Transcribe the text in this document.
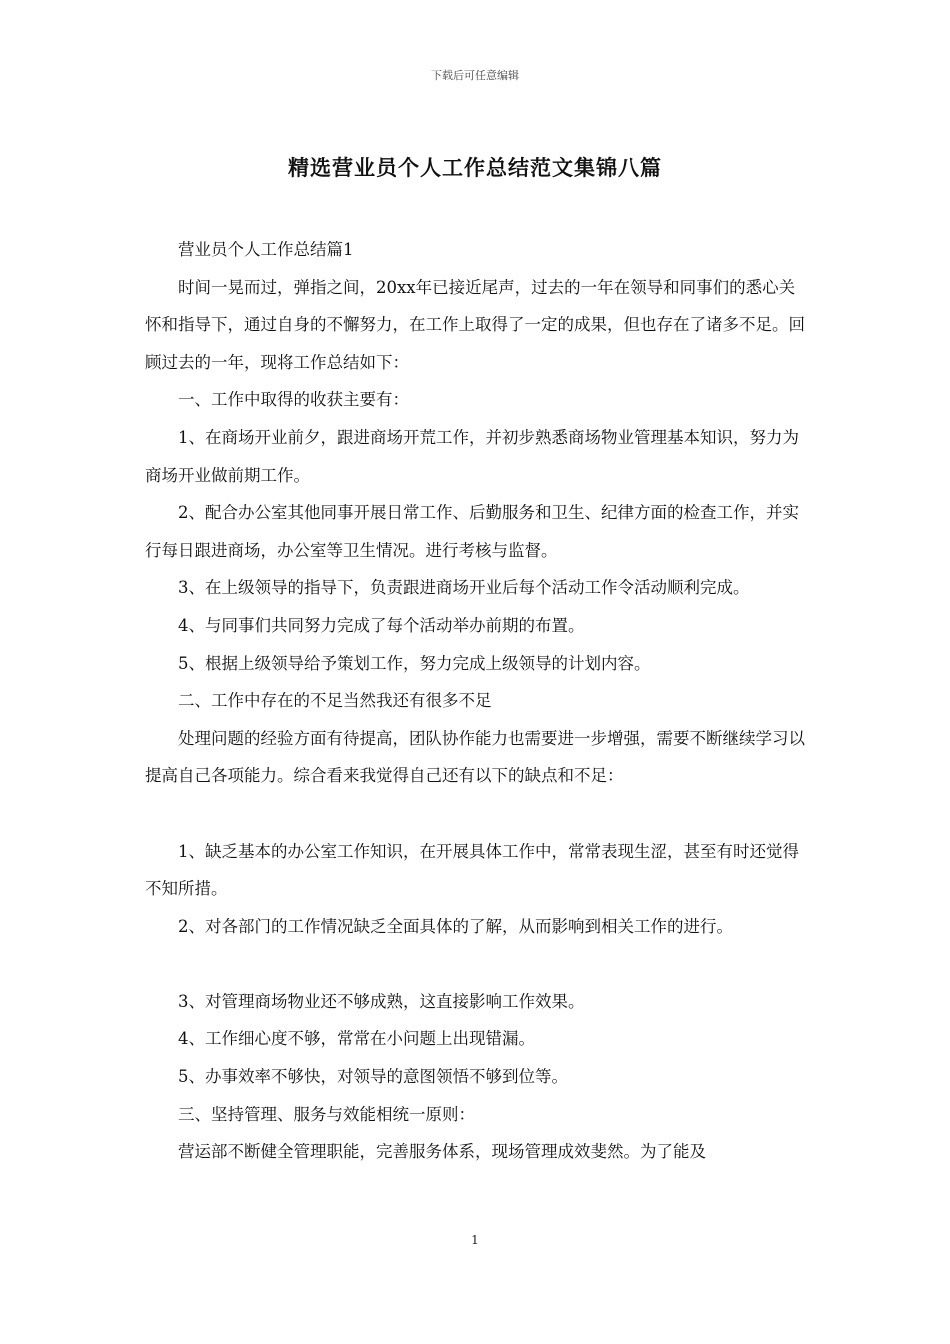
下载后可任意编辑
精选营业员个人工作总结范文集锦八篇

营业员个人工作总结篇1

时间一晃而过，弹指之间，20xx年已接近尾声，过去的一年在领导和同事们的悉心关怀和指导下，通过自身的不懈努力，在工作上取得了一定的成果，但也存在了诸多不足。回顾过去的一年，现将工作总结如下：

一、工作中取得的收获主要有：

1、在商场开业前夕，跟进商场开荒工作，并初步熟悉商场物业管理基本知识，努力为商场开业做前期工作。

2、配合办公室其他同事开展日常工作、后勤服务和卫生、纪律方面的检查工作，并实行每日跟进商场，办公室等卫生情况。进行考核与监督。

3、在上级领导的指导下，负责跟进商场开业后每个活动工作令活动顺利完成。

4、与同事们共同努力完成了每个活动举办前期的布置。

5、根据上级领导给予策划工作，努力完成上级领导的计划内容。

二、工作中存在的不足当然我还有很多不足

处理问题的经验方面有待提高，团队协作能力也需要进一步增强，需要不断继续学习以提高自己各项能力。综合看来我觉得自己还有以下的缺点和不足：

1、缺乏基本的办公室工作知识，在开展具体工作中，常常表现生涩，甚至有时还觉得不知所措。

2、对各部门的工作情况缺乏全面具体的了解，从而影响到相关工作的进行。

3、对管理商场物业还不够成熟，这直接影响工作效果。

4、工作细心度不够，常常在小问题上出现错漏。

5、办事效率不够快，对领导的意图领悟不够到位等。

三、坚持管理、服务与效能相统一原则：

营运部不断健全管理职能，完善服务体系，现场管理成效斐然。为了能及

1
